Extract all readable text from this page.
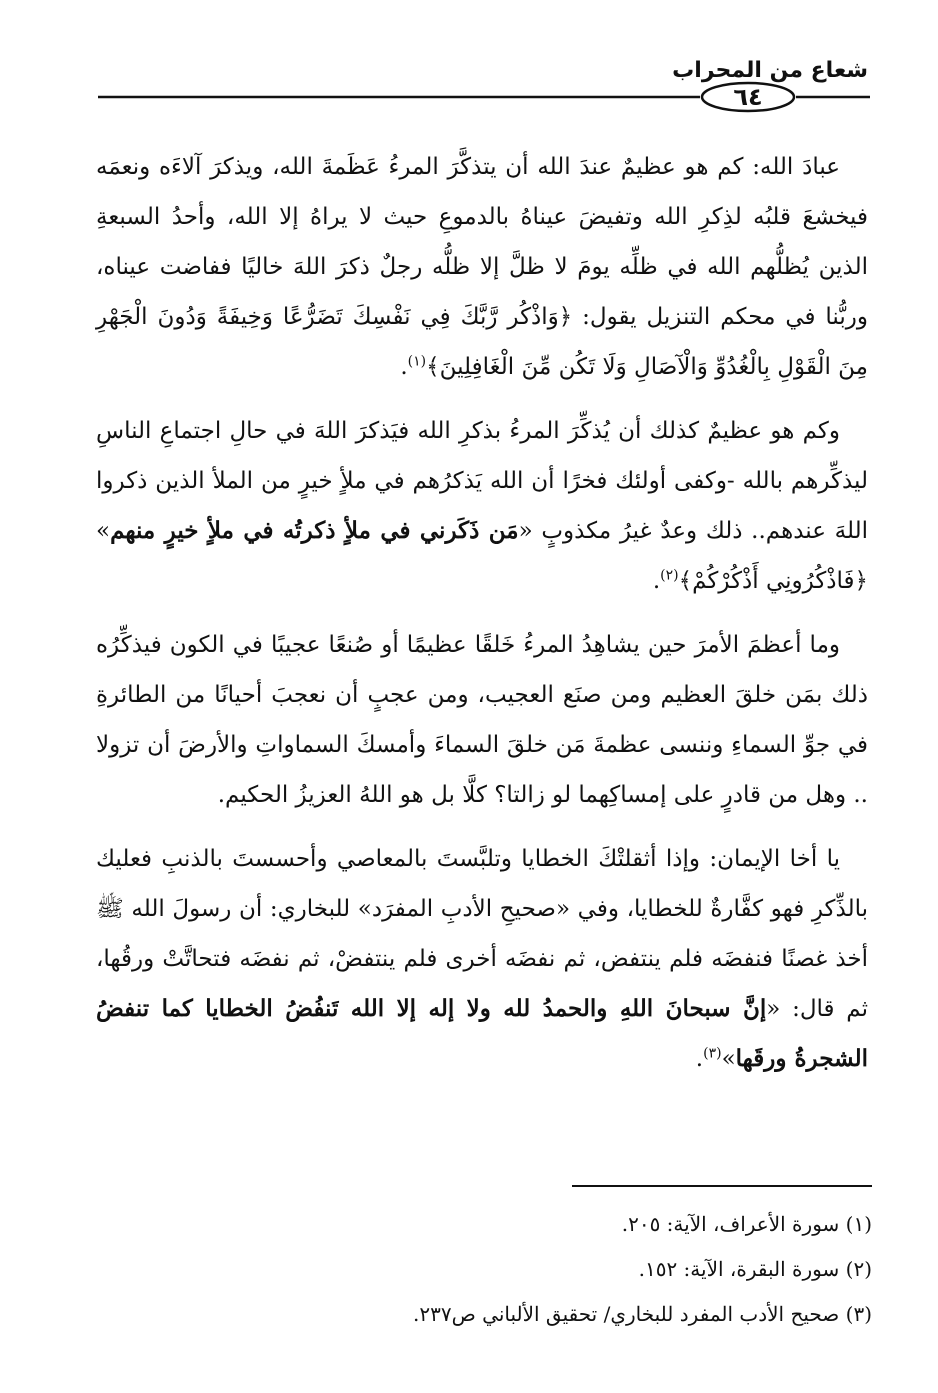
شعاع من المحراب
٦٤

عبادَ الله: كم هو عظيمٌ عندَ الله أن يتذكَّرَ المرءُ عَظَمةَ الله، ويذكرَ آلاءَه ونعمَه فيخشعَ قلبُه لذِكرِ الله وتفيضَ عيناهُ بالدموعِ حيث لا يراهُ إلا الله، وأحدُ السبعةِ الذين يُظلُّهم الله في ظلِّه يومَ لا ظلَّ إلا ظلُّه رجلٌ ذكرَ اللهَ خاليًا ففاضت عيناه، وربُّنا في محكم التنزيل يقول: ﴿وَاذْكُر رَّبَّكَ فِي نَفْسِكَ تَضَرُّعًا وَخِيفَةً وَدُونَ الْجَهْرِ مِنَ الْقَوْلِ بِالْغُدُوِّ وَالْآصَالِ وَلَا تَكُن مِّنَ الْغَافِلِينَ﴾$^{(١)}$.

وكم هو عظيمٌ كذلك أن يُذكِّرَ المرءُ بذكرِ الله فيَذكرَ اللهَ في حالِ اجتماعِ الناسِ ليذكِّرهم بالله -وكفى أولئك فخرًا أن الله يَذكرُهم في ملأٍ خيرٍ من الملأ الذين ذكروا اللهَ عندهم.. ذلك وعدٌ غيرُ مكذوبٍ «مَن ذَكَرني في ملأٍ ذكرتُه في ملأٍ خيرٍ منهم» ﴿فَاذْكُرُونِي أَذْكُرْكُمْ﴾$^{(٢)}$.

وما أعظمَ الأمرَ حين يشاهِدُ المرءُ خَلقًا عظيمًا أو صُنعًا عجيبًا في الكون فيذكِّرُه ذلك بمَن خلقَ العظيم ومن صنَع العجيب، ومن عجبٍ أن نعجبَ أحيانًا من الطائرةِ في جوِّ السماءِ وننسى عظمةَ مَن خلقَ السماءَ وأمسكَ السماواتِ والأرضَ أن تزولا .. وهل من قادرٍ على إمساكِهما لو زالتا؟ كلَّا بل هو اللهُ العزيزُ الحكيم.

يا أخا الإيمان: وإذا أثقلتْكَ الخطايا وتلبَّستَ بالمعاصي وأحسستَ بالذنبِ فعليك بالذِّكرِ فهو كفَّارةٌ للخطايا، وفي «صحيحِ الأدبِ المفرَد» للبخاري: أن رسولَ الله ﷺ أخذ غصنًا فنفضَه فلم ينتفض، ثم نفضَه أخرى فلم ينتفضْ، ثم نفضَه فتحاتَّتْ ورقُها، ثم قال: «إنَّ سبحانَ اللهِ والحمدُ لله ولا إله إلا الله تَنفُضُ الخطايا كما تنفضُ الشجرةُ ورقَها»$^{(٣)}$.

(١) سورة الأعراف، الآية: ٢٠٥.

(٢) سورة البقرة، الآية: ١٥٢.

(٣) صحيح الأدب المفرد للبخاري/ تحقيق الألباني ص٢٣٧.
